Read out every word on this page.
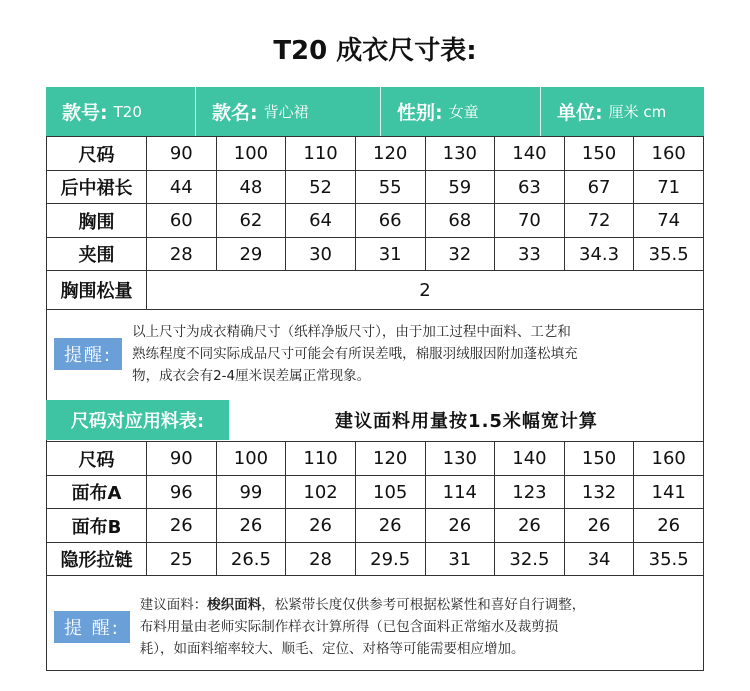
T20 成衣尺寸表:
款号: T20	款名: 背心裙	性别: 女童	单位: 厘米 cm
尺码	90	100	110	120	130	140	150	160
后中裙长	44	48	52	55	59	63	67	71
胸围	60	62	64	66	68	70	72	74
夹围	28	29	30	31	32	33	34.3	35.5
胸围松量	2							
提醒:
以上尺寸为成衣精确尺寸（纸样净版尺寸），由于加工过程中面料、工艺和
熟练程度不同实际成品尺寸可能会有所误差哦，棉服羽绒服因附加蓬松填充
物，成衣会有2-4厘米误差属正常现象。
尺码对应用料表:	建议面料用量按1.5米幅宽计算
尺码	90	100	110	120	130	140	150	160
面布A	96	99	102	105	114	123	132	141
面布B	26	26	26	26	26	26	26	26
隐形拉链	25	26.5	28	29.5	31	32.5	34	35.5
提 醒:
建议面料：梭织面料，松紧带长度仅供参考可根据松紧性和喜好自行调整，
布料用量由老师实际制作样衣计算所得（已包含面料正常缩水及裁剪损
耗），如面料缩率较大、顺毛、定位、对格等可能需要相应增加。
